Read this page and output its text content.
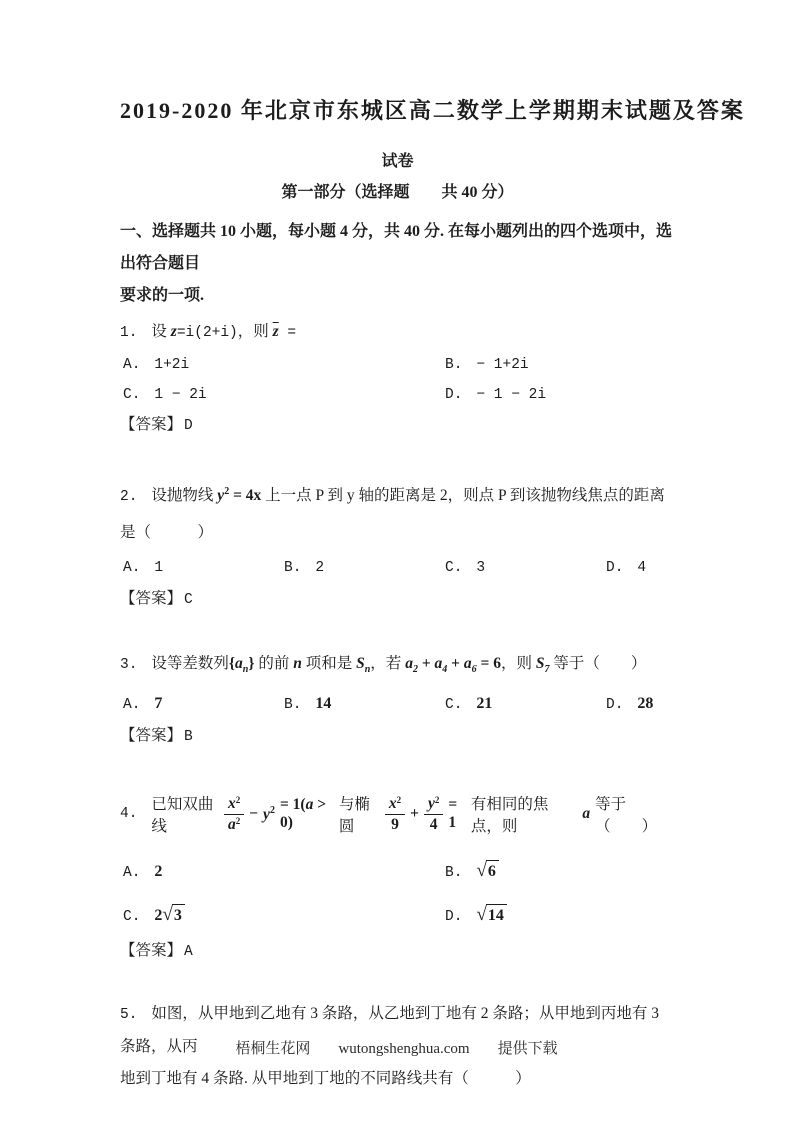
2019-2020 年北京市东城区高二数学上学期期末试题及答案
试卷
第一部分（选择题　　共 40 分）

一、选择题共 10 小题，每小题 4 分，共 40 分. 在每小题列出的四个选项中，选出符合题目
要求的一项.

1. 设 z=i(2+i)，则 $\overline{z}$ =
A. 1+2i	B. − 1+2i
C. 1 − 2i	D. − 1 − 2i
【答案】 D
2. 设抛物线 $y^2 = 4x$ 上一点 P 到 y 轴的距离是 2，则点 P 到该抛物线焦点的距离是（　　　）
A. 1	B. 2	C. 3	D. 4
【答案】 C
3. 设等差数列$\{a_n\}$ 的前 n 项和是 $S_n$，若 $a_2 + a_4 + a_6 = 6$，则 $S_7$ 等于（　　）
A. 7	B. 14	C. 21	D. 28
【答案】 B
4.
已知双曲线	$\frac{x^2}{a^2} - y^2 = 1(a > 0)$
与椭圆	$\frac{x^2}{9} + \frac{y^2}{4} = 1$
有相同的焦点，则
a
等于（　　）
A. 2	B. √ 6
C. 2 √ 3	D. √ 14
【答案】 A
5. 如图，从甲地到乙地有 3 条路，从乙地到丁地有 2 条路；从甲地到丙地有 3 条路，从丙
地到丁地有 4 条路. 从甲地到丁地的不同路线共有（　　　）
梧桐生花网 wutongshenghua.com 提供下载
